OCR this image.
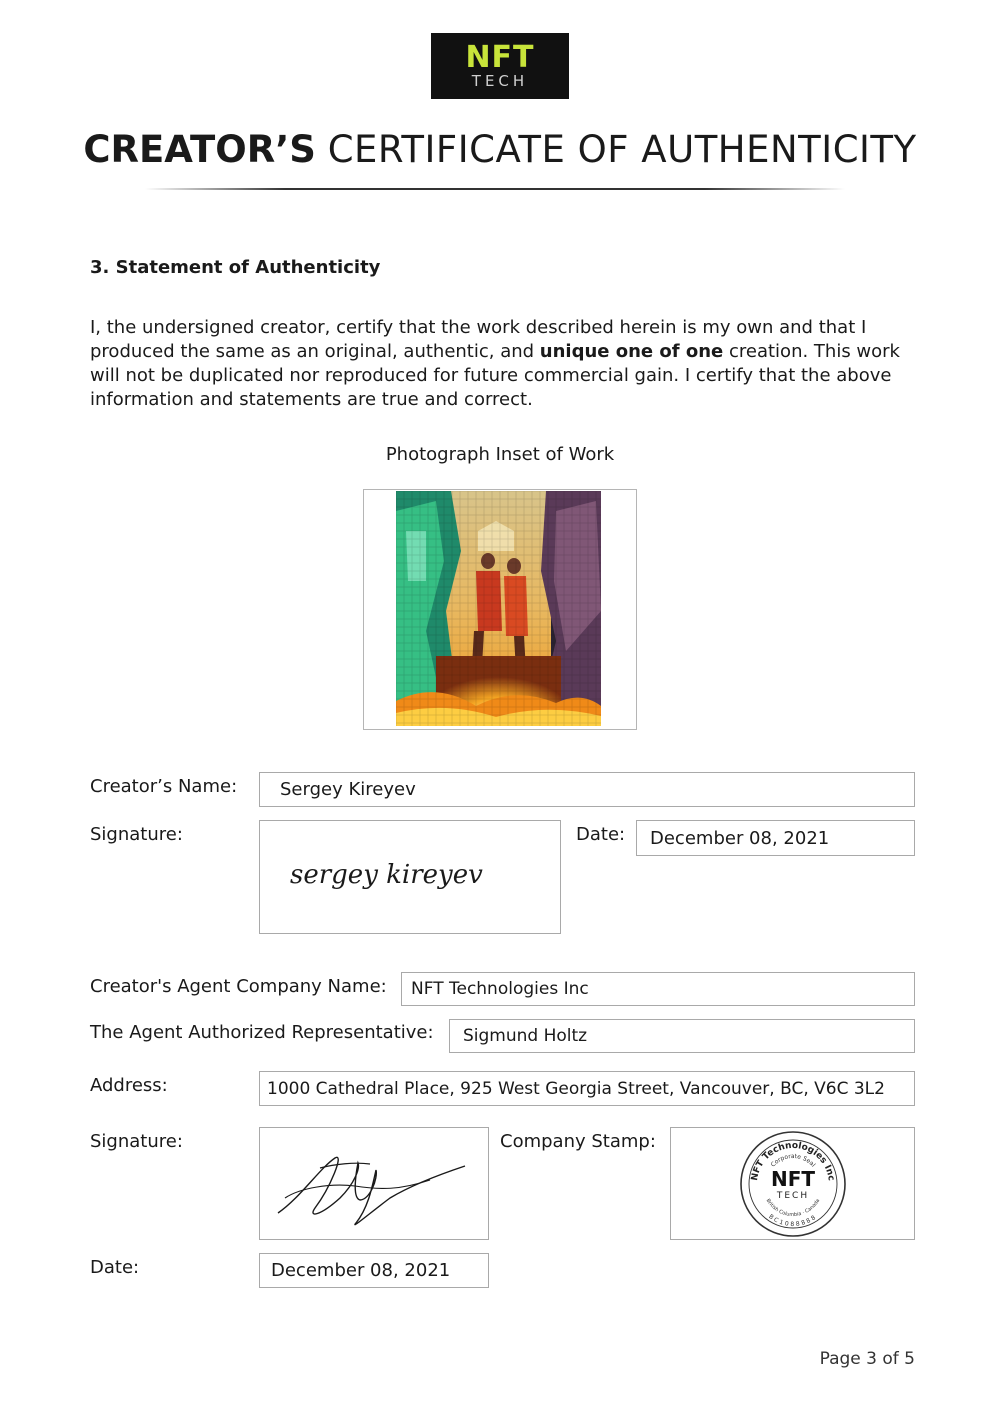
NFT
TECH
CREATOR’S CERTIFICATE OF AUTHENTICITY
3. Statement of Authenticity
I, the undersigned creator, certify that the work described herein is my own and that I produced the same as an original, authentic, and unique one of one creation. This work will not be duplicated nor reproduced for future commercial gain. I certify that the above information and statements are true and correct.
Photograph Inset of Work
Creator’s Name:	Sergey Kireyev
Signature:
sergey kireyev
Date:	December 08, 2021
Creator's Agent Company Name:	NFT Technologies Inc
The Agent Authorized Representative:	Sigmund Holtz
Address:	1000 Cathedral Place, 925 West Georgia Street, Vancouver, BC, V6C 3L2
Signature:	Company Stamp:
NFT Technologies Inc
Corporate Seal
British Columbia · Canada
BC1088888
NFT
TECH
Date:	December 08, 2021
Page 3 of 5
